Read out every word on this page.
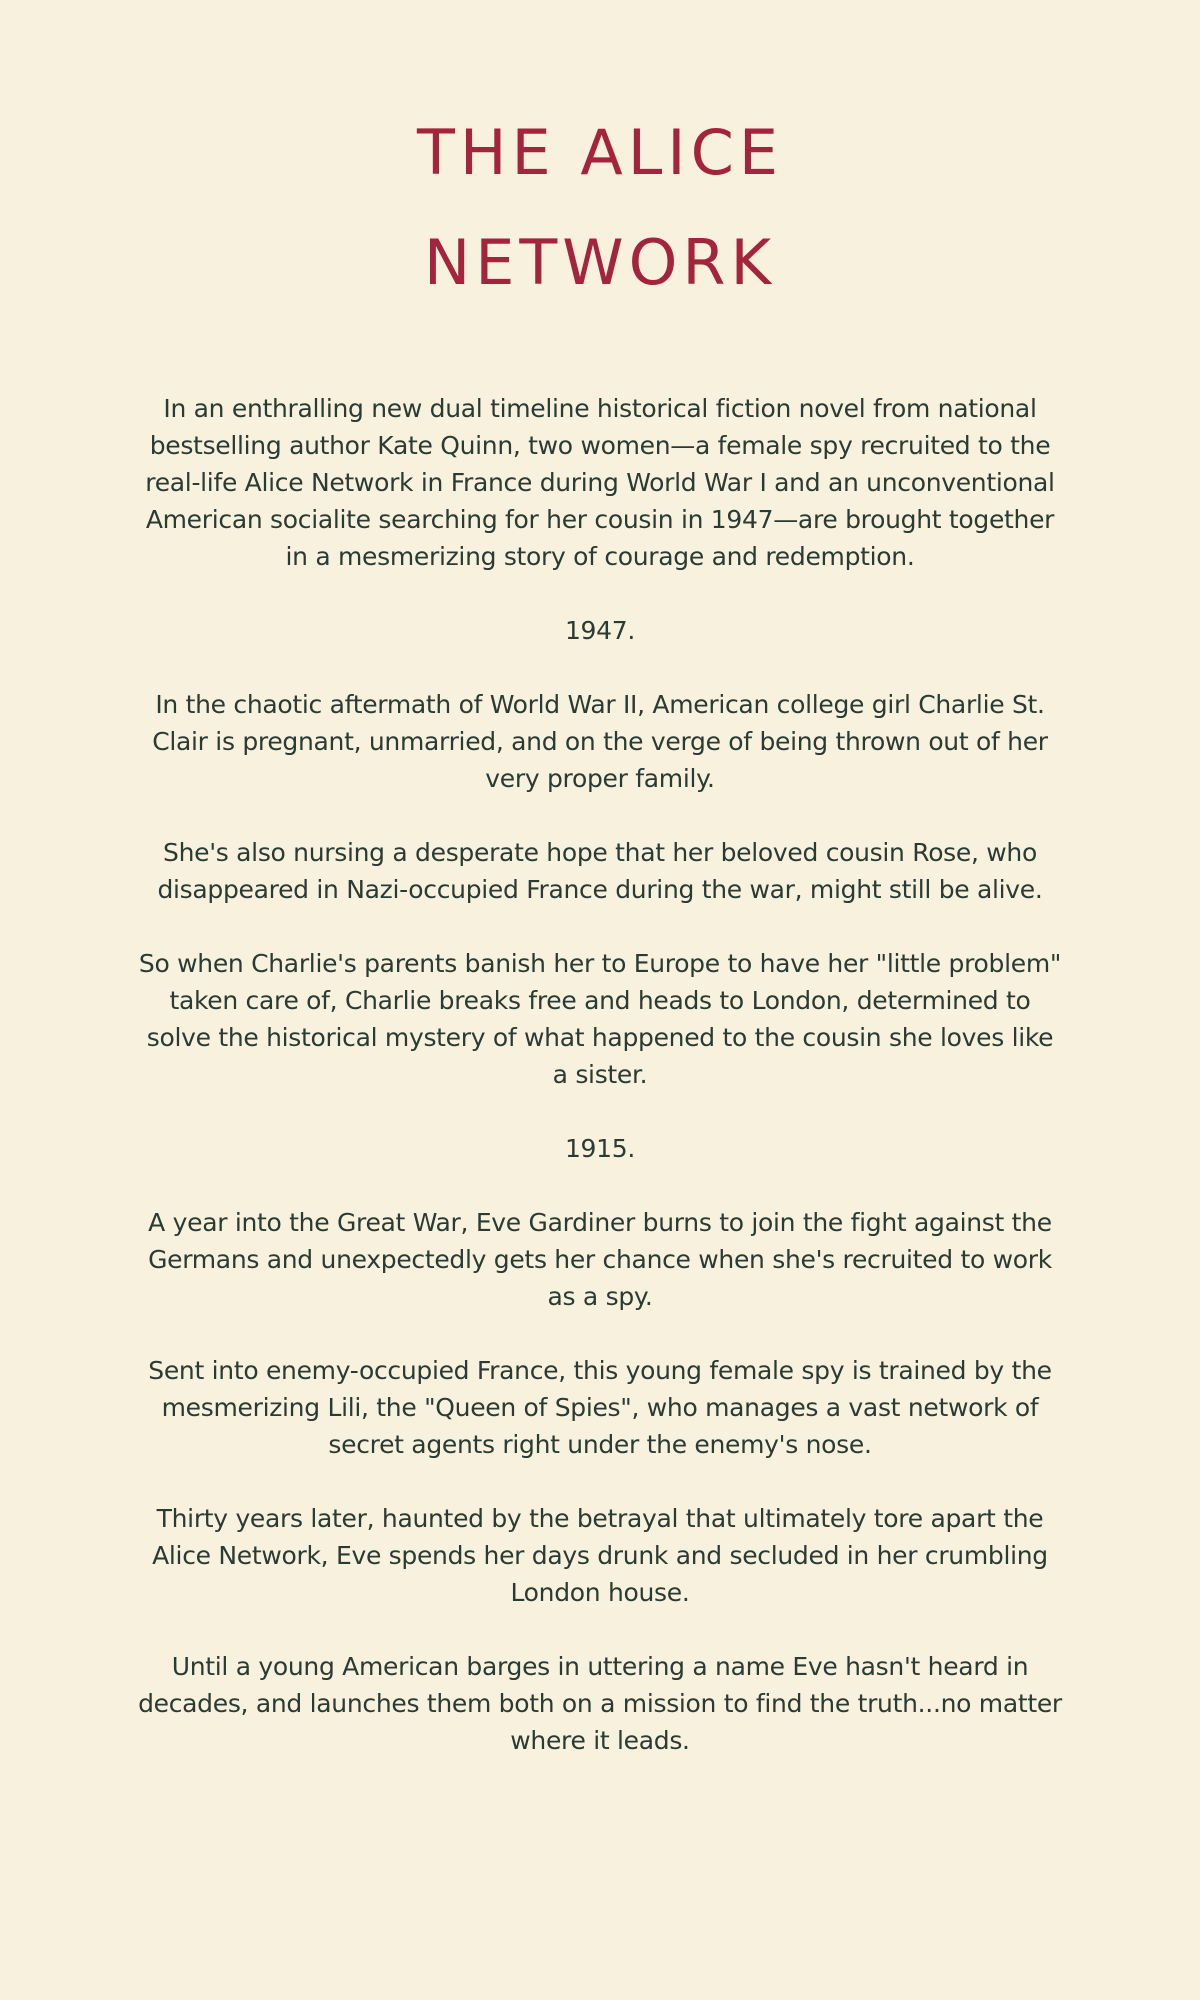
THE ALICE
NETWORK

In an enthralling new dual timeline historical fiction novel from national bestselling author Kate Quinn, two women—a female spy recruited to the real-life Alice Network in France during World War I and an unconventional American socialite searching for her cousin in 1947—are brought together in a mesmerizing story of courage and redemption.

1947.

In the chaotic aftermath of World War II, American college girl Charlie St. Clair is pregnant, unmarried, and on the verge of being thrown out of her very proper family.

She's also nursing a desperate hope that her beloved cousin Rose, who disappeared in Nazi-occupied France during the war, might still be alive.

So when Charlie's parents banish her to Europe to have her "little problem" taken care of, Charlie breaks free and heads to London, determined to solve the historical mystery of what happened to the cousin she loves like a sister.

1915.

A year into the Great War, Eve Gardiner burns to join the fight against the Germans and unexpectedly gets her chance when she's recruited to work as a spy.

Sent into enemy-occupied France, this young female spy is trained by the mesmerizing Lili, the "Queen of Spies", who manages a vast network of secret agents right under the enemy's nose.

Thirty years later, haunted by the betrayal that ultimately tore apart the Alice Network, Eve spends her days drunk and secluded in her crumbling London house.

Until a young American barges in uttering a name Eve hasn't heard in decades, and launches them both on a mission to find the truth...no matter where it leads.
